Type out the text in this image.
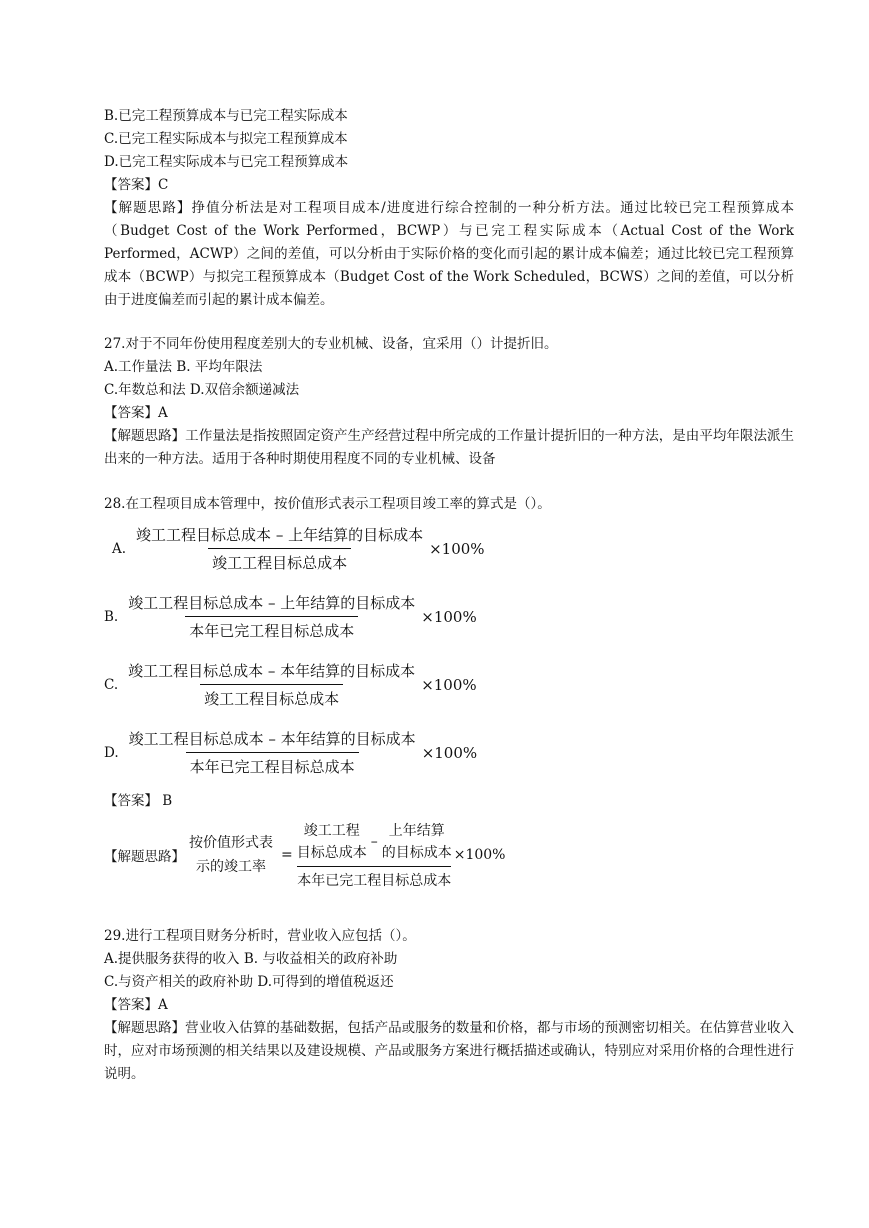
B.已完工程预算成本与已完工程实际成本
C.已完工程实际成本与拟完工程预算成本
D.已完工程实际成本与已完工程预算成本
【答案】C
【解题思路】挣值分析法是对工程项目成本/进度进行综合控制的一种分析方法。通过比较已完工程预算成本（Budget Cost of the Work Performed，BCWP）与已完工程实际成本（Actual Cost of the Work Performed，ACWP）之间的差值，可以分析由于实际价格的变化而引起的累计成本偏差；通过比较已完工程预算成本（BCWP）与拟完工程预算成本（Budget Cost of the Work Scheduled，BCWS）之间的差值，可以分析由于进度偏差而引起的累计成本偏差。
27.对于不同年份使用程度差别大的专业机械、设备，宜采用（）计提折旧。
A.工作量法 B. 平均年限法
C.年数总和法 D.双倍余额递减法
【答案】A
【解题思路】工作量法是指按照固定资产生产经营过程中所完成的工作量计提折旧的一种方法，是由平均年限法派生出来的一种方法。适用于各种时期使用程度不同的专业机械、设备
28.在工程项目成本管理中，按价值形式表示工程项目竣工率的算式是（）。
A. $\frac{\text{竣工工程目标总成本 – 上年结算的目标成本}}{\text{竣工工程目标总成本}} \times 100\%$
B. $\frac{\text{竣工工程目标总成本 – 上年结算的目标成本}}{\text{本年已完工程目标总成本}} \times 100\%$
C. $\frac{\text{竣工工程目标总成本 – 本年结算的目标成本}}{\text{竣工工程目标总成本}} \times 100\%$
D. $\frac{\text{竣工工程目标总成本 – 本年结算的目标成本}}{\text{本年已完工程目标总成本}} \times 100\%$
【答案】 B
【解题思路】
按价值形式表
示的竣工率
=
竣工工程
目标总成本
–
上年结算
的目标成本
本年已完工程目标总成本
×100%
29.进行工程项目财务分析时，营业收入应包括（）。
A.提供服务获得的收入 B. 与收益相关的政府补助
C.与资产相关的政府补助 D.可得到的增值税返还
【答案】A
【解题思路】营业收入估算的基础数据，包括产品或服务的数量和价格，都与市场的预测密切相关。在估算营业收入时，应对市场预测的相关结果以及建设规模、产品或服务方案进行概括描述或确认，特别应对采用价格的合理性进行说明。
